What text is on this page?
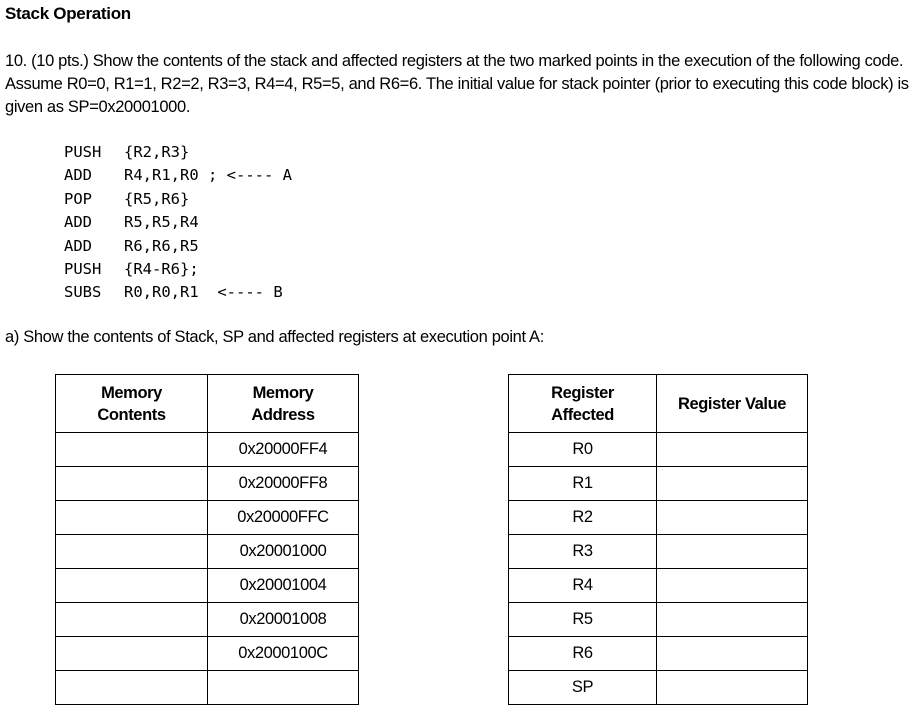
Stack Operation
10. (10 pts.) Show the contents of the stack and affected registers at the two marked points in the execution of the following code. Assume R0=0, R1=1, R2=2, R3=3, R4=4, R5=5, and R6=6. The initial value for stack pointer (prior to executing this code block) is given as SP=0x20001000.
PUSH {R2,R3}
ADD R4,R1,R0 ; <---- A
POP {R5,R6}
ADD R5,R5,R4
ADD R6,R6,R5
PUSH {R4-R6};
SUBS R0,R0,R1  <---- B
a) Show the contents of Stack, SP and affected registers at execution point A:
Memory
Contents	Memory
Address

	0x20000FF4
	0x20000FF8
	0x20000FFC
	0x20001000
	0x20001004
	0x20001008
	0x2000100C

Register
Affected	Register Value

R0	
R1	
R2	
R3	
R4	
R5	
R6	
SP	
